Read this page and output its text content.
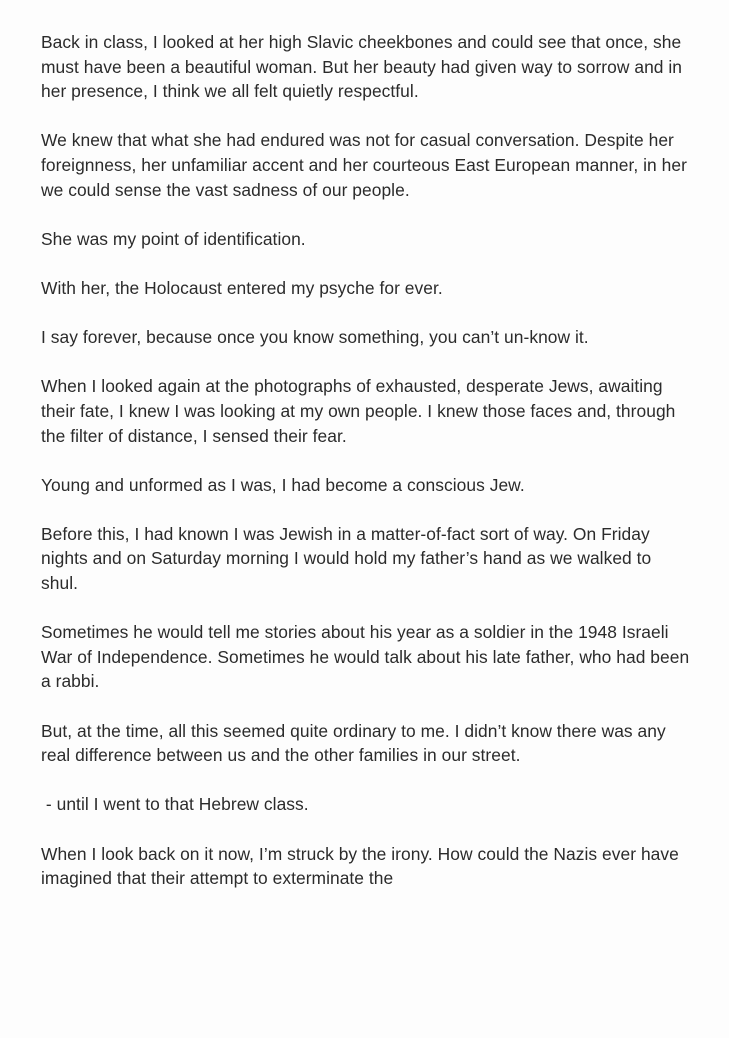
Back in class, I looked at her high Slavic cheekbones and could see that once, she must have been a beautiful woman. But her beauty had given way to sorrow and in her presence, I think we all felt quietly respectful.

We knew that what she had endured was not for casual conversation. Despite her foreignness, her unfamiliar accent and her courteous East European manner, in her we could sense the vast sadness of our people.

She was my point of identification.

With her, the Holocaust entered my psyche for ever.

I say forever, because once you know something, you can’t un-know it.

When I looked again at the photographs of exhausted, desperate Jews, awaiting their fate, I knew I was looking at my own people. I knew those faces and, through the filter of distance, I sensed their fear.

Young and unformed as I was, I had become a conscious Jew.

Before this, I had known I was Jewish in a matter-of-fact sort of way. On Friday nights and on Saturday morning I would hold my father’s hand as we walked to shul.

Sometimes he would tell me stories about his year as a soldier in the 1948 Israeli War of Independence. Sometimes he would talk about his late father, who had been a rabbi.

But, at the time, all this seemed quite ordinary to me. I didn’t know there was any real difference between us and the other families in our street.

- until I went to that Hebrew class.

When I look back on it now, I’m struck by the irony. How could the Nazis ever have imagined that their attempt to exterminate the
